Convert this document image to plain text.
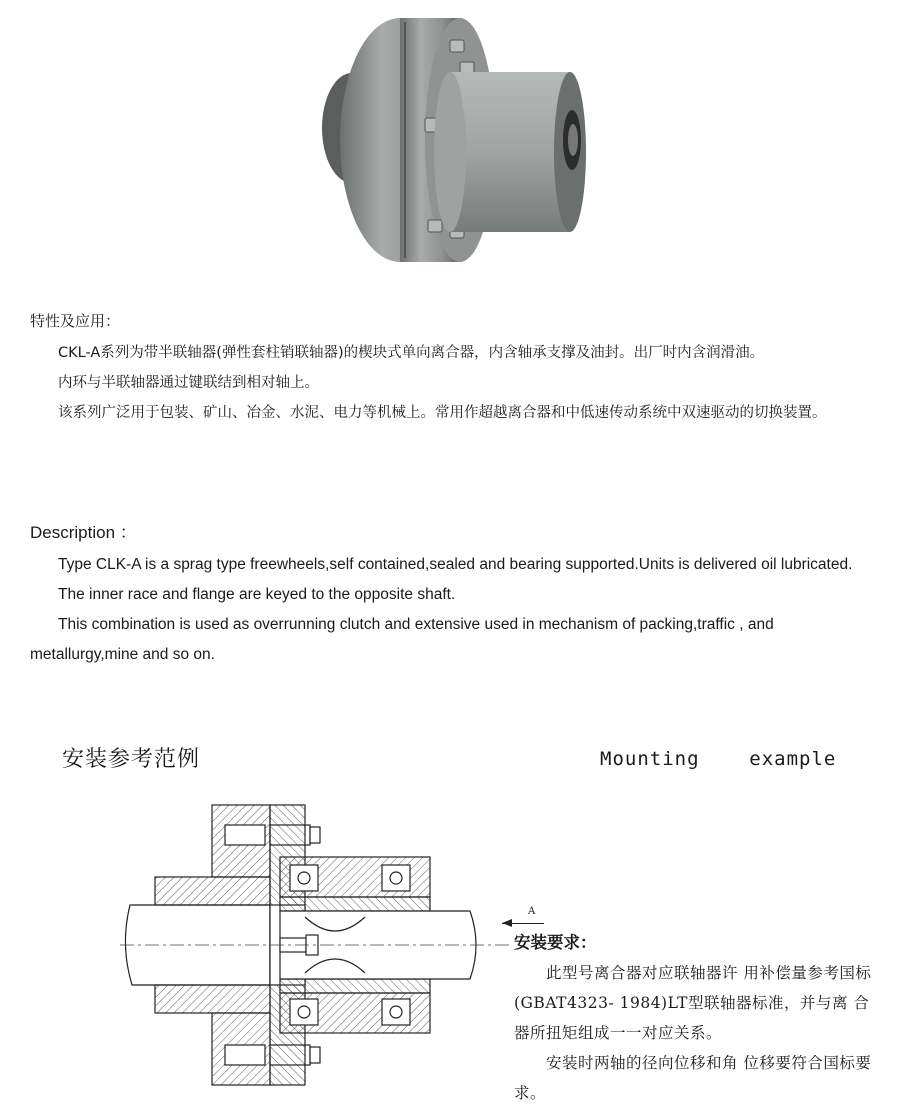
特性及应用：

CKL-A系列为带半联轴器(弹性套柱销联轴器)的楔块式单向离合器，内含轴承支撑及油封。出厂时内含润滑油。

内环与半联轴器通过键联结到相对轴上。

该系列广泛用于包装、矿山、冶金、水泥、电力等机械上。常用作超越离合器和中低速传动系统中双速驱动的切换装置。

Description ：

Type CLK-A is a sprag type freewheels,self contained,sealed and bearing supported.Units is delivered oil lubricated.

The inner race and flange are keyed to the opposite shaft.

This combination is used as overrunning clutch and extensive used in mechanism of packing,traffic , and metallurgy,mine and so on.

安装参考范例	Mounting    example
A
安装要求：

此型号离合器对应联轴器许 用补偿量参考国标 (GBAT4323- 1984)LT型联轴器标准，并与离 合器所扭矩组成一一对应关系。

安装时两轴的径向位移和角 位移要符合国标要求。
